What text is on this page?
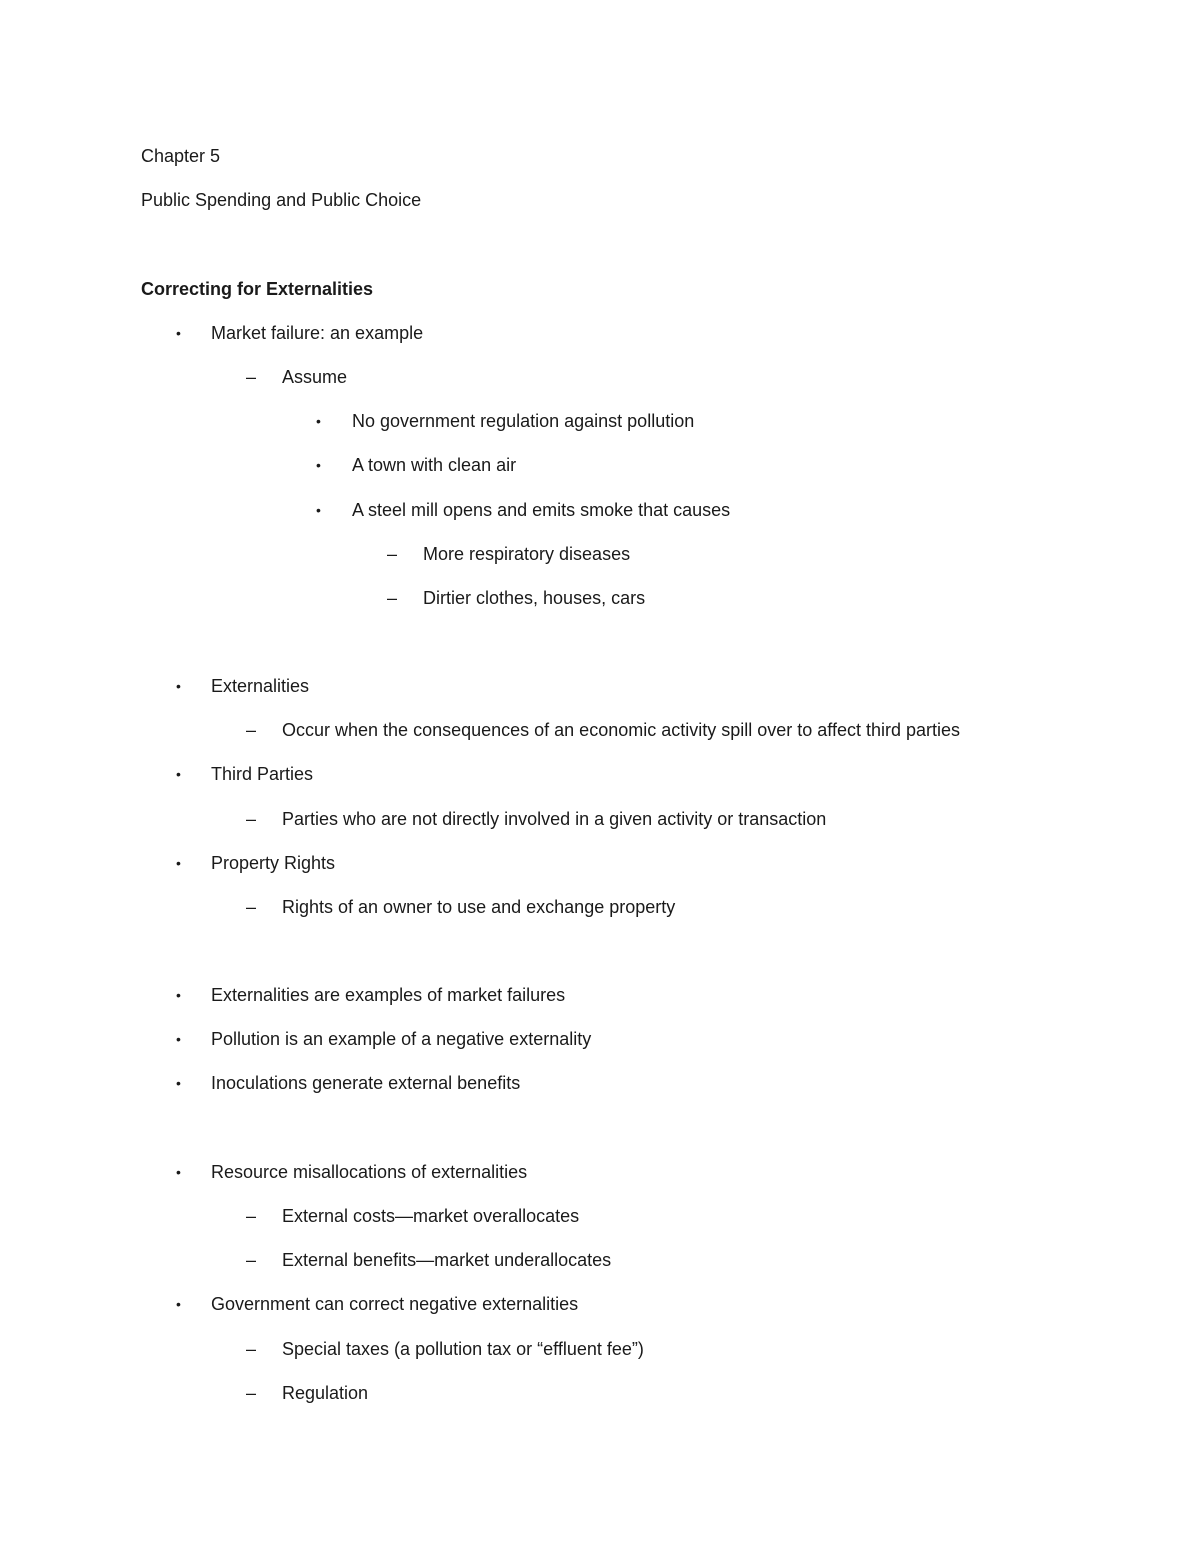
Chapter 5
Public Spending and Public Choice
Correcting for Externalities
• Market failure: an example
– Assume
• No government regulation against pollution
• A town with clean air
• A steel mill opens and emits smoke that causes
– More respiratory diseases
– Dirtier clothes, houses, cars
• Externalities
– Occur when the consequences of an economic activity spill over to affect third parties
• Third Parties
– Parties who are not directly involved in a given activity or transaction
• Property Rights
– Rights of an owner to use and exchange property
• Externalities are examples of market failures
• Pollution is an example of a negative externality
• Inoculations generate external benefits
• Resource misallocations of externalities
– External costs—market overallocates
– External benefits—market underallocates
• Government can correct negative externalities
– Special taxes (a pollution tax or “effluent fee”)
– Regulation
